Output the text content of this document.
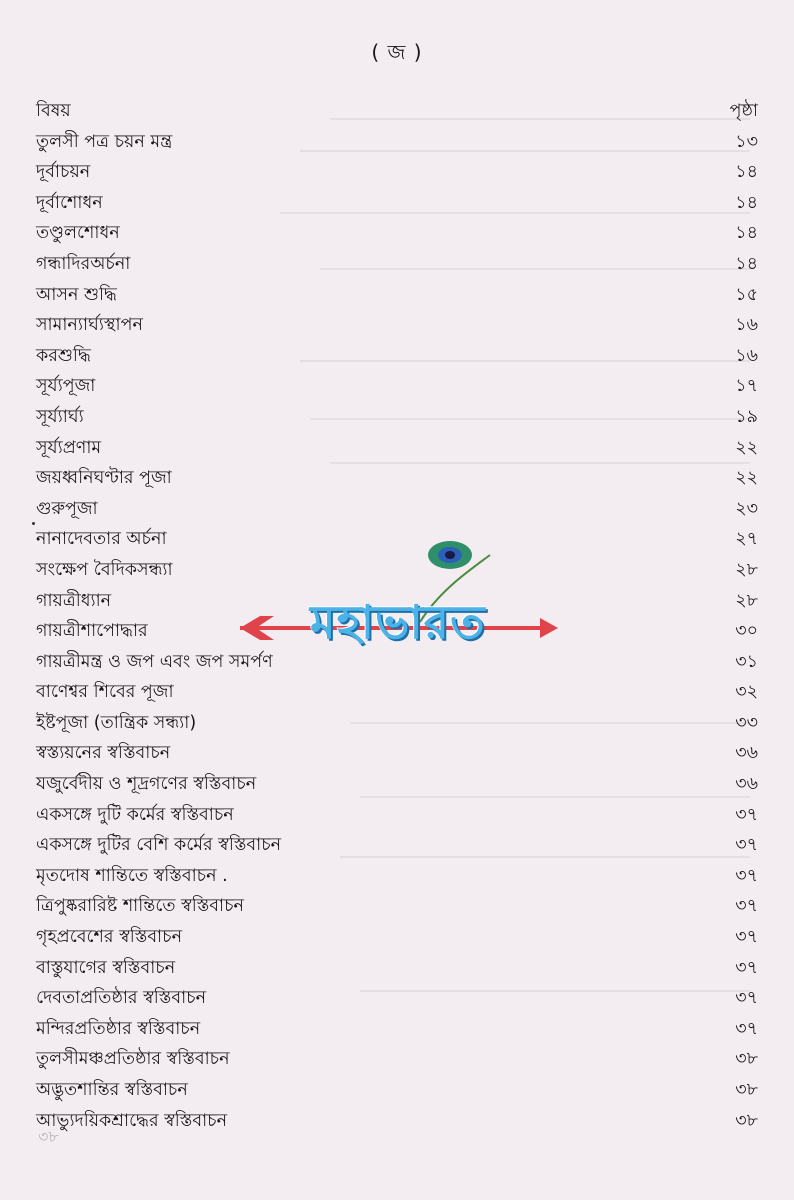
( জ )
বিষয়	পৃষ্ঠা
তুলসী পত্র চয়ন মন্ত্র	১৩
দূর্বাচয়ন	১৪
দূর্বাশোধন	১৪
তণ্ডুলশোধন	১৪
গন্ধাদিরঅর্চনা	১৪
আসন শুদ্ধি	১৫
সামান্যার্ঘ্যস্থাপন	১৬
করশুদ্ধি	১৬
সূর্য্যপূজা	১৭
সূর্য্যার্ঘ্য	১৯
সূর্য্যপ্রণাম	২২
জয়ধ্বনিঘণ্টার পূজা	২২
গুরুপূজা	২৩
নানাদেবতার অর্চনা	২৭
সংক্ষেপ বৈদিকসন্ধ্যা	২৮
গায়ত্রীধ্যান	২৮
গায়ত্রীশাপোদ্ধার	৩০
গায়ত্রীমন্ত্র ও জপ এবং জপ সমর্পণ	৩১
বাণেশ্বর শিবের পূজা	৩২
ইষ্টপূজা (তান্ত্রিক সন্ধ্যা)	৩৩
স্বস্ত্যয়নের স্বস্তিবাচন	৩৬
যজুর্বেদীয় ও শূদ্রগণের স্বস্তিবাচন	৩৬
একসঙ্গে দুটি কর্মের স্বস্তিবাচন	৩৭
একসঙ্গে দুটির বেশি কর্মের স্বস্তিবাচন	৩৭
মৃতদোষ শান্তিতে স্বস্তিবাচন .	৩৭
ত্রিপুষ্করারিষ্ট শান্তিতে স্বস্তিবাচন	৩৭
গৃহপ্রবেশের স্বস্তিবাচন	৩৭
বাস্তুযাগের স্বস্তিবাচন	৩৭
দেবতাপ্রতিষ্ঠার স্বস্তিবাচন	৩৭
মন্দিরপ্রতিষ্ঠার স্বস্তিবাচন	৩৭
তুলসীমঞ্চপ্রতিষ্ঠার স্বস্তিবাচন	৩৮
অদ্ভুতশান্তির স্বস্তিবাচন	৩৮
আভ্যুদয়িকশ্রাদ্ধের স্বস্তিবাচন	৩৮
মহাভারত
৩৮
